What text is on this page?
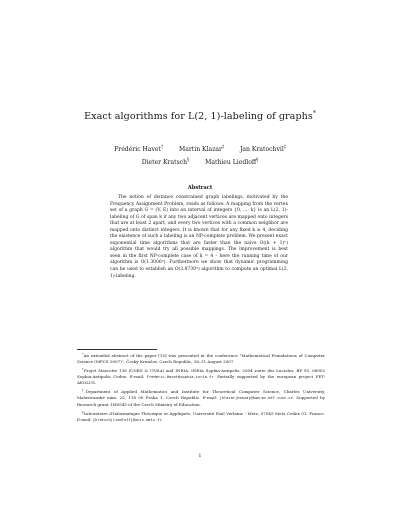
Exact algorithms for L(2, 1)-labeling of graphs*
Frédéric Havet†	Martin Klazar‡	Jan Kratochvíl‡
Dieter Kratsch§	Mathieu Liedloff§
Abstract

The notion of distance constrained graph labelings, motivated by the Frequency Assignment Problem, reads as follows: A mapping from the vertex set of a graph G = (V, E) into an interval of integers {0, ..., k} is an L(2, 1)-labeling of G of span k if any two adjacent vertices are mapped onto integers that are at least 2 apart, and every two vertices with a common neighbor are mapped onto distinct integers. It is known that for any fixed k ≥ 4, deciding the existence of such a labeling is an NP-complete problem. We present exact exponential time algorithms that are faster than the naive O((k + 1)ⁿ) algorithm that would try all possible mappings. The improvement is best seen in the first NP-complete case of k = 4 – here the running time of our algorithm is O(1.3006ⁿ). Furthermore we show that dynamic programming can be used to establish an O(3.8730ⁿ) algorithm to compute an optimal L(2, 1)-labeling.

*An extended abstract of the paper [15] was presented at the conference "Mathematical Foundations of Computer Science (MFCS 2007)", Český Krumlov, Czech Republic, 26–31 August 2007.
†Projet Mascotte 138 (CNRS & UNSA) and INRIA, INRIA Sophia-Antipolis, 2004 route des Lucioles, BP 93, 06902 Sophia-Antipolis Cedex. E-mail: Frederic.Havet@sophia.inria.fr. Partially supported by the european project FET-AEOLUS.
‡Department of Applied Mathematics and Institute for Theoretical Computer Science, Charles University, Malostranské nám. 25, 118 00 Praha 1, Czech Republic. E-mail: {klazar|honza}@kam.ms.mff.cuni.cz. Supported by Research grant 1M0545 of the Czech Ministry of Education.
§Laboratoire d'Informatique Théorique et Appliquée, Université Paul Verlaine - Metz, 57045 Metz Cedex 01, France. E-mail: {kratsch|liedloff}@univ-metz.fr.
1
